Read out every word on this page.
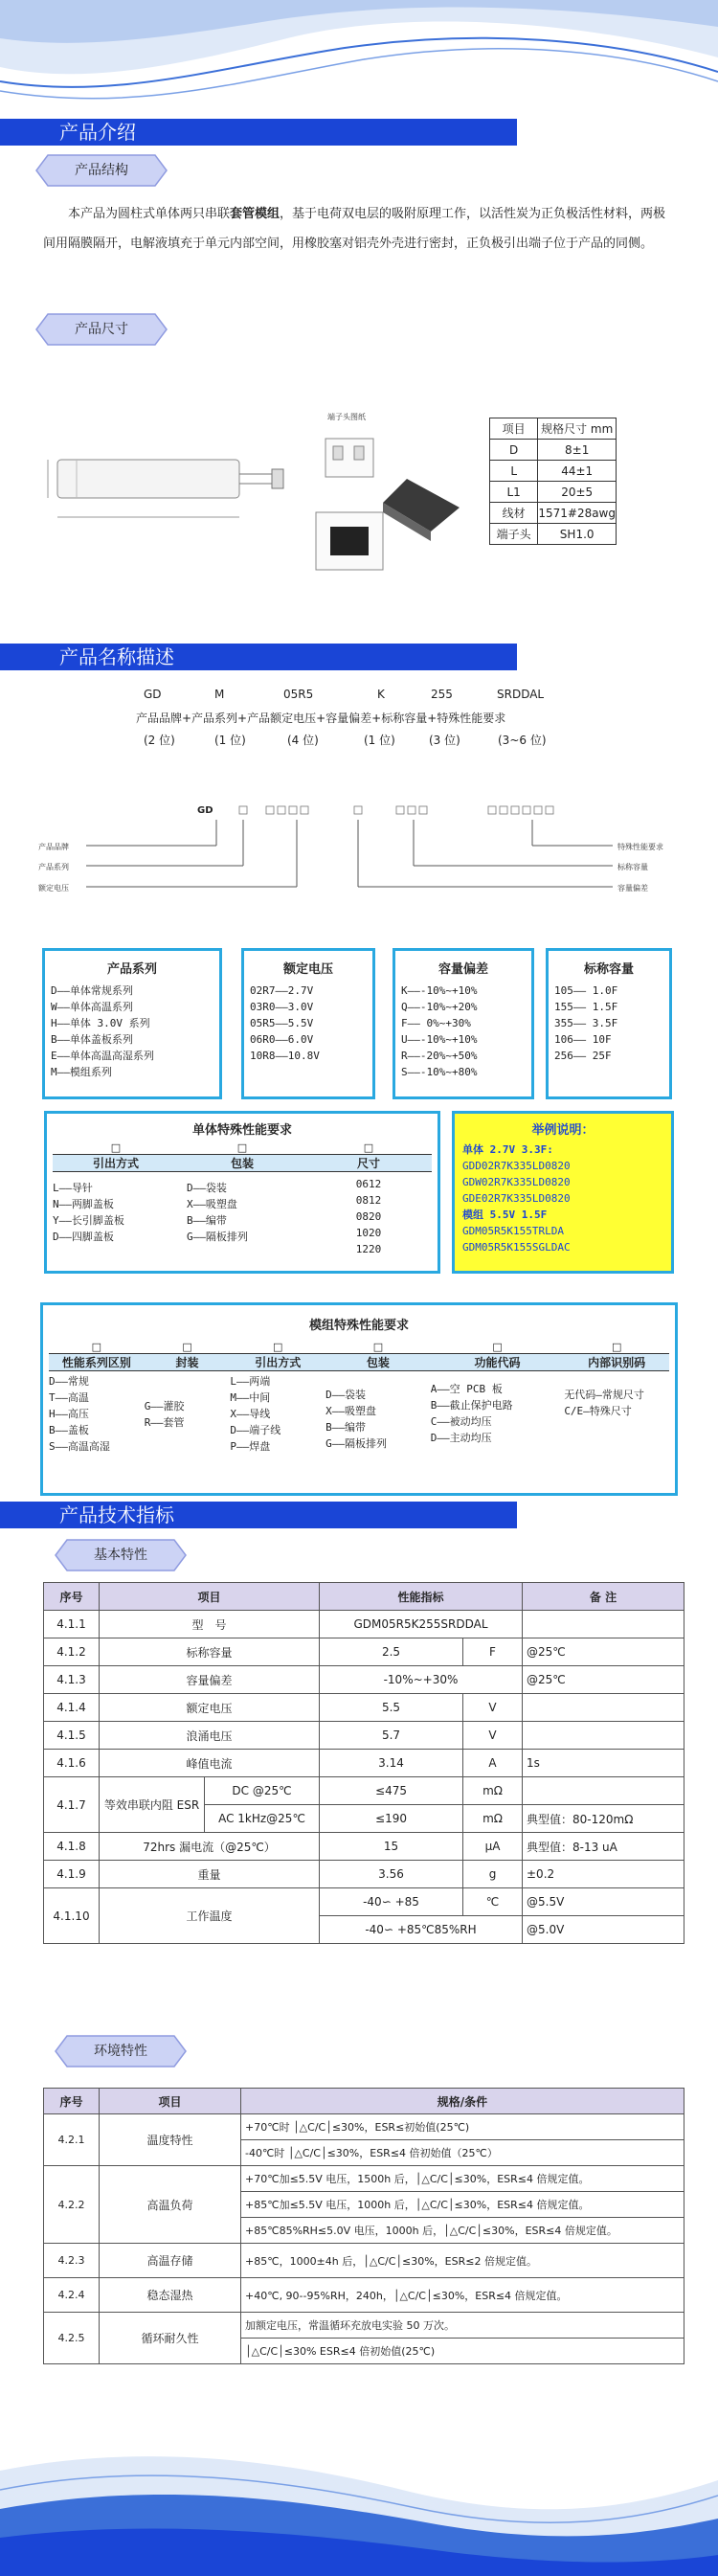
产品介绍
产品结构
本产品为圆柱式单体两只串联套管模组，基于电荷双电层的吸附原理工作，以活性炭为正负极活性材料，两极间用隔膜隔开，电解液填充于单元内部空间，用橡胶塞对铝壳外壳进行密封，正负极引出端子位于产品的同侧。
产品尺寸
端子头图纸
项目	规格尺寸 mm
D	8±1
L	44±1
L1	20±5
线材	1571#28awg
端子头	SH1.0
产品名称描述
GD	M	05R5	K	255	SRDDAL
产品品牌+产品系列+产品额定电压+容量偏差+标称容量+特殊性能要求
(2 位)	(1 位)	(4 位)	(1 位)	(3 位)	(3~6 位)
GD
产品品牌
产品系列
额定电压
特殊性能要求
标称容量
容量偏差
产品系列
D——单体常规系列
W——单体高温系列
H——单体 3.0V 系列
B——单体盖板系列
E——单体高温高湿系列
M——模组系列
额定电压
02R7——2.7V
03R0——3.0V
05R5——5.5V
06R0——6.0V
10R8——10.8V
容量偏差
K——-10%~+10%
Q——-10%~+20%
F—— 0%~+30%
U——-10%~+10%
R——-20%~+50%
S——-10%~+80%
标称容量
105—— 1.0F
155—— 1.5F
355—— 3.5F
106—— 10F
256—— 25F
单体特殊性能要求
□	□	□
引出方式	包装	尺寸
L——导针
N——两脚盖板
Y——长引脚盖板
D——四脚盖板
D——袋装
X——吸塑盘
B——编带
G——隔板排列
0612
0812
0820
1020
1220
举例说明：
单体 2.7V 3.3F:
GDD02R7K335LD0820
GDW02R7K335LD0820
GDE02R7K335LD0820
模组 5.5V 1.5F
GDM05R5K155TRLDA
GDM05R5K155SGLDAC
模组特殊性能要求
□	□	□	□	□	□
性能系列区别	封装	引出方式	包装	功能代码	内部识别码
D——常规
T——高温
H——高压
B——盖板
S——高温高湿
G——灌胶
R——套管
L——两端
M——中间
X——导线
D——端子线
P——焊盘
D——袋装
X——吸塑盘
B——编带
G——隔板排列
A——空 PCB 板
B——截止保护电路
C——被动均压
D——主动均压
无代码—常规尺寸
C/E—特殊尺寸
产品技术指标
基本特性
序号	项目		性能指标		备 注
4.1.1	型　号		GDM05R5K255SRDDAL		
4.1.2	标称容量		2.5	F	@25℃
4.1.3	容量偏差		-10%~+30%		@25℃
4.1.4	额定电压		5.5	V	
4.1.5	浪涌电压		5.7	V	
4.1.6	峰值电流		3.14	A	1s
4.1.7	等效串联内阻 ESR	DC @25℃	≤475	mΩ	
		AC 1kHz@25℃	≤190	mΩ	典型值：80-120mΩ
4.1.8	72hrs 漏电流（@25℃）		15	μA	典型值：8-13 uA
4.1.9	重量		3.56	g	±0.2
4.1.10	工作温度		-40∽ +85	℃	@5.5V
			-40∽ +85℃85%RH		@5.0V
环境特性
序号	项目	规格/条件
4.2.1	温度特性	+70℃时 │△C/C│≤30%，ESR≤初始值(25℃)
		-40℃时 │△C/C│≤30%，ESR≤4 倍初始值（25℃）
4.2.2	高温负荷	+70℃加≤5.5V 电压，1500h 后，│△C/C│≤30%，ESR≤4 倍规定值。
		+85℃加≤5.5V 电压，1000h 后，│△C/C│≤30%，ESR≤4 倍规定值。
		+85℃85%RH≤5.0V 电压，1000h 后，│△C/C│≤30%，ESR≤4 倍规定值。
4.2.3	高温存储	+85℃，1000±4h 后，│△C/C│≤30%，ESR≤2 倍规定值。
4.2.4	稳态湿热	+40℃, 90--95%RH，240h，│△C/C│≤30%，ESR≤4 倍规定值。
4.2.5	循环耐久性	加额定电压，常温循环充放电实验 50 万次。
		│△C/C│≤30% ESR≤4 倍初始值(25℃)
